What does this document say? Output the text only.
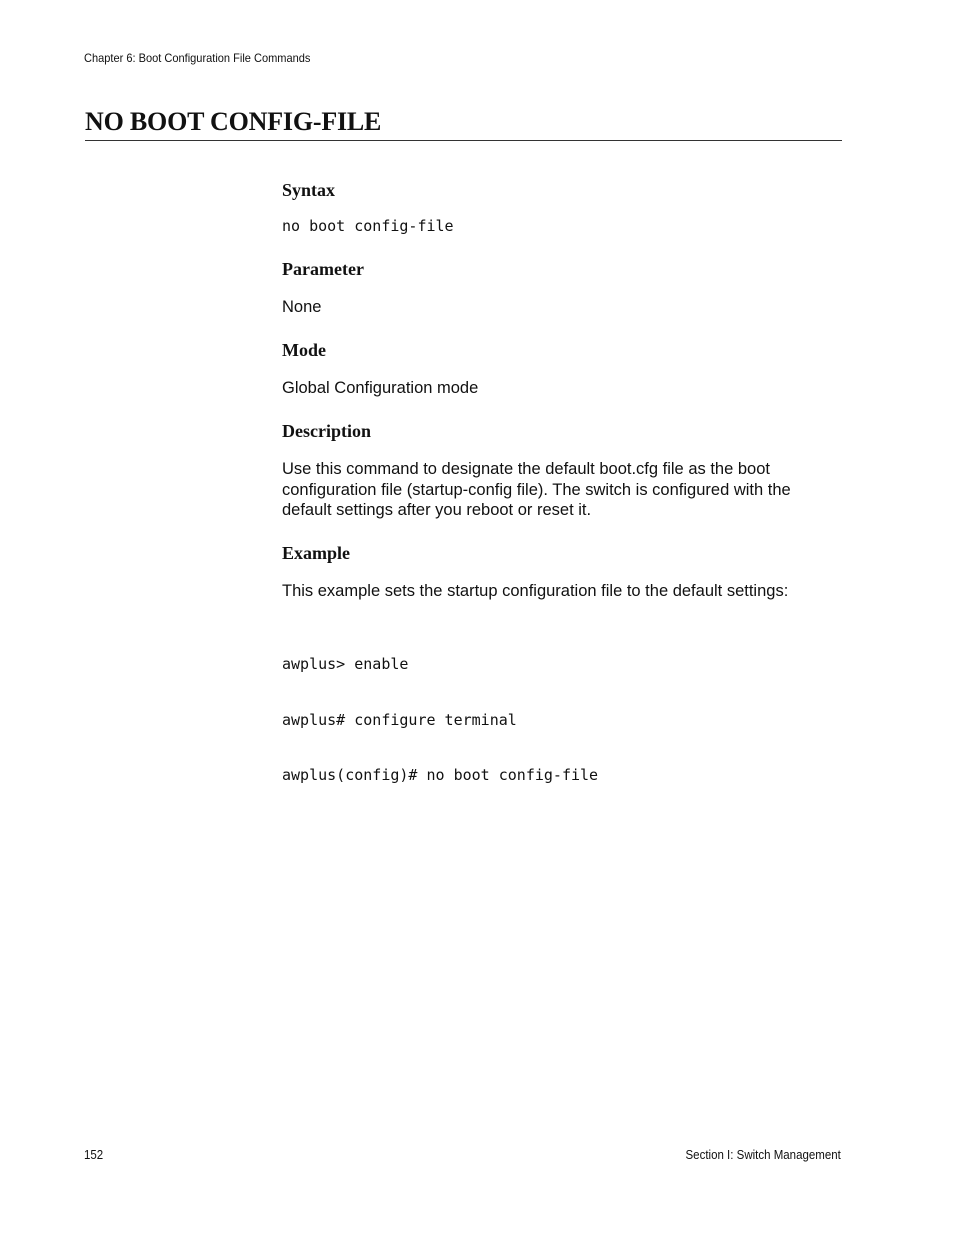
Chapter 6: Boot Configuration File Commands
NO BOOT CONFIG-FILE
Syntax
no boot config-file
Parameter

None

Mode

Global Configuration mode

Description

Use this command to designate the default boot.cfg file as the boot

configuration file (startup-config file). The switch is configured with the

default settings after you reboot or reset it.

Example

This example sets the startup configuration file to the default settings:

awplus> enable

awplus# configure terminal

awplus(config)# no boot config-file

152	Section I: Switch Management
